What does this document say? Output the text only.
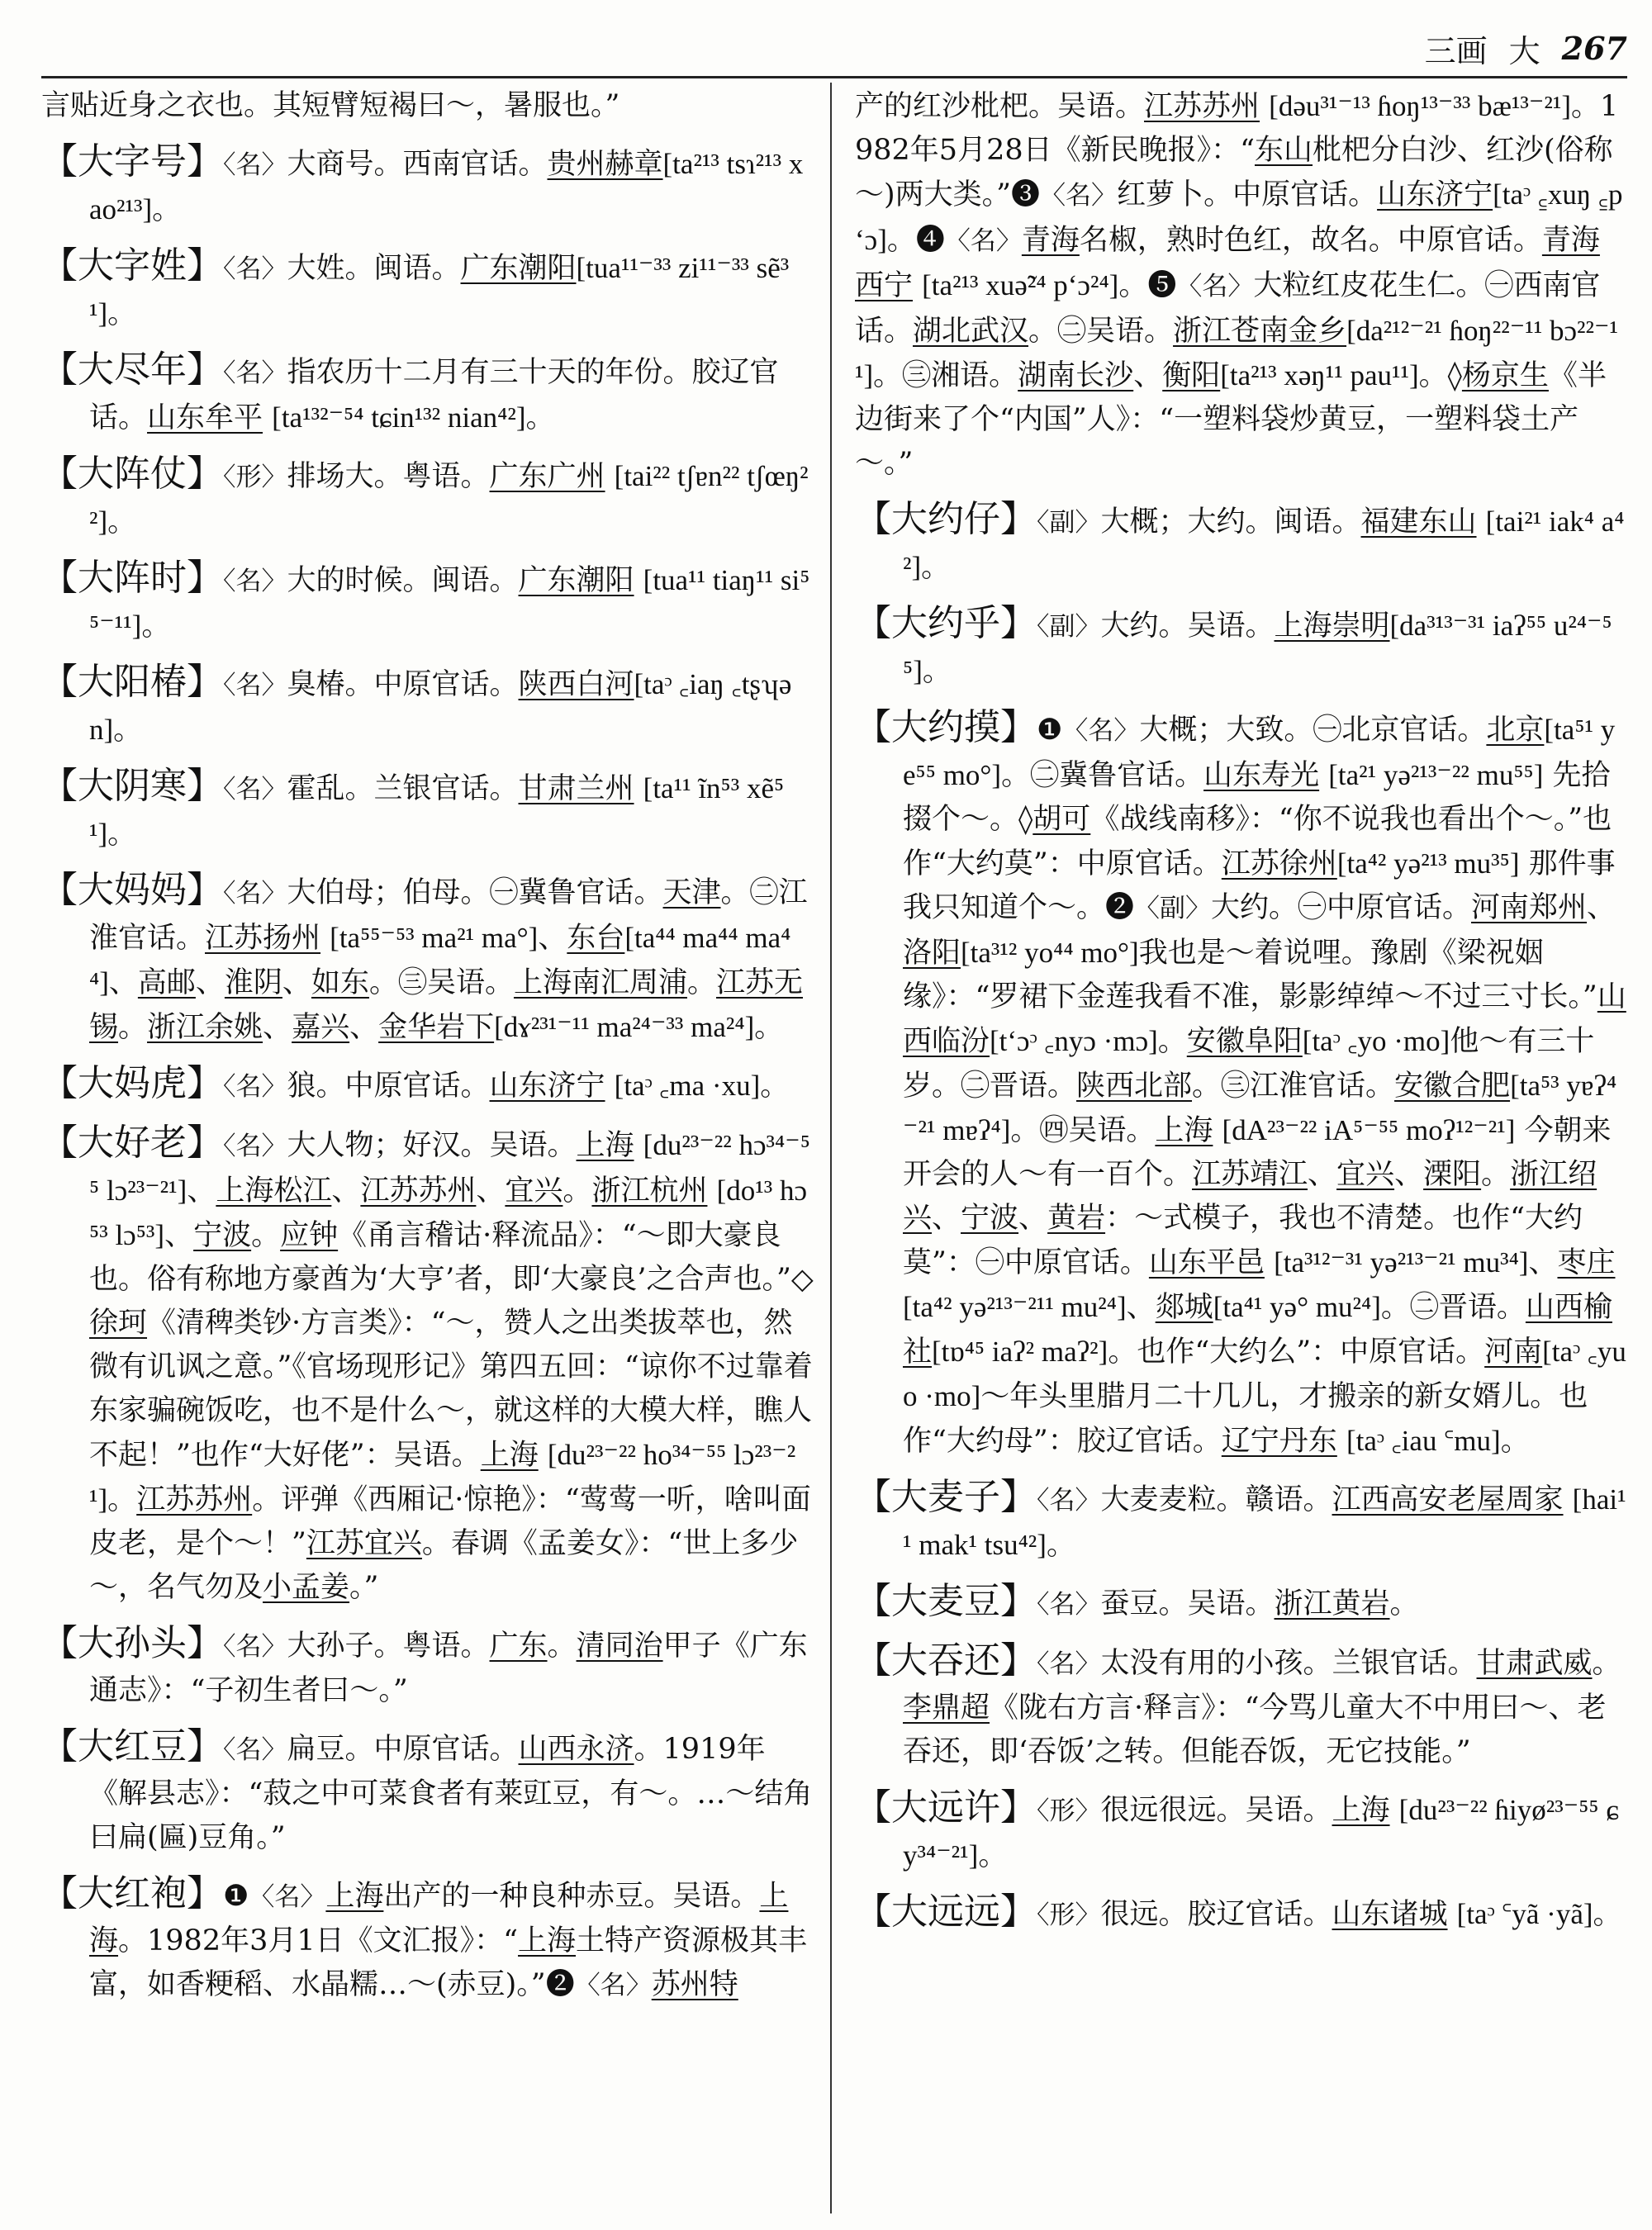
三画 大 267

言贴近身之衣也。其短臂短褐曰～，暑服也。”

【大字号】〈名〉大商号。西南官话。贵州赫章[ta²¹³ tsɿ²¹³ xao²¹³]。

【大字姓】〈名〉大姓。闽语。广东潮阳[tua¹¹⁻³³ zi¹¹⁻³³ sẽ³¹]。

【大尽年】〈名〉指农历十二月有三十天的年份。胶辽官话。山东牟平 [ta¹³²⁻⁵⁴ tɕin¹³² nian⁴²]。

【大阵仗】〈形〉排场大。粤语。广东广州 [tai²² tʃɐn²² tʃœŋ²²]。

【大阵时】〈名〉大的时候。闽语。广东潮阳 [tua¹¹ tiaŋ¹¹ si⁵⁵⁻¹¹]。

【大阳椿】〈名〉臭椿。中原官话。陕西白河[taᵓ ꜀iaŋ ꜀tʂʮən]。

【大阴寒】〈名〉霍乱。兰银官话。甘肃兰州 [ta¹¹ ĩn⁵³ xẽ⁵¹]。

【大妈妈】〈名〉大伯母；伯母。㊀冀鲁官话。天津。㊁江淮官话。江苏扬州 [ta⁵⁵⁻⁵³ ma²¹ ma°]、东台[ta⁴⁴ ma⁴⁴ ma⁴⁴]、高邮、淮阴、如东。㊂吴语。上海南汇周浦。江苏无锡。浙江余姚、嘉兴、金华岩下[dɤ²³¹⁻¹¹ ma²⁴⁻³³ ma²⁴]。

【大妈虎】〈名〉狼。中原官话。山东济宁 [taᵓ ꜀ma ·xu]。

【大好老】〈名〉大人物；好汉。吴语。上海 [du²³⁻²² hɔ³⁴⁻⁵⁵ lɔ²³⁻²¹]、上海松江、江苏苏州、宜兴。浙江杭州 [do¹³ hɔ⁵³ lɔ⁵³]、宁波。应钟《甬言稽诂·释流品》：“～即大豪良也。俗有称地方豪酋为‘大亨’者，即‘大豪良’之合声也。”◇徐珂《清稗类钞·方言类》：“～，赞人之出类拔萃也，然微有讥讽之意。”《官场现形记》第四五回：“谅你不过靠着东家骗碗饭吃，也不是什么～，就这样的大模大样，瞧人不起！”也作“大好佬”：吴语。上海 [du²³⁻²² ho³⁴⁻⁵⁵ lɔ²³⁻²¹]。江苏苏州。评弹《西厢记·惊艳》：“莺莺一听，啥叫面皮老，是个～！”江苏宜兴。春调《孟姜女》：“世上多少～，名气勿及小孟姜。”

【大孙头】〈名〉大孙子。粤语。广东。清同治甲子《广东通志》：“子初生者曰～。”

【大红豆】〈名〉扁豆。中原官话。山西永济。1919年《解县志》：“菽之中可菜食者有莱豇豆，有～。…～结角曰扁(匾)豆角。”

【大红袍】❶〈名〉上海出产的一种良种赤豆。吴语。上海。1982年3月1日《文汇报》：“上海土特产资源极其丰富，如香粳稻、水晶糯…～(赤豆)。”❷〈名〉苏州特

产的红沙枇杷。吴语。江苏苏州 [dəu³¹⁻¹³ ɦoŋ¹³⁻³³ bæ¹³⁻²¹]。1982年5月28日《新民晚报》：“东山枇杷分白沙、红沙(俗称～)两大类。”❸〈名〉红萝卜。中原官话。山东济宁[taᵓ ꜁xuŋ ꜁pʻɔ]。❹〈名〉青海名椒，熟时色红，故名。中原官话。青海西宁 [ta²¹³ xuə̃²⁴ pʻɔ²⁴]。❺〈名〉大粒红皮花生仁。㊀西南官话。湖北武汉。㊁吴语。浙江苍南金乡[da²¹²⁻²¹ ɦoŋ²²⁻¹¹ bɔ²²⁻¹¹]。㊂湘语。湖南长沙、衡阳[ta²¹³ xəŋ¹¹ pau¹¹]。◊杨京生《半边街来了个“内国”人》：“一塑料袋炒黄豆，一塑料袋土产～。”

【大约仔】〈副〉大概；大约。闽语。福建东山 [tai²¹ iak⁴ a⁴²]。

【大约乎】〈副〉大约。吴语。上海崇明[da³¹³⁻³¹ iaʔ⁵⁵ u²⁴⁻⁵⁵]。

【大约摸】❶〈名〉大概；大致。㊀北京官话。北京[ta⁵¹ ye⁵⁵ mo°]。㊁冀鲁官话。山东寿光 [ta²¹ yə²¹³⁻²² mu⁵⁵] 先拾掇个～。◊胡可《战线南移》：“你不说我也看出个～。”也作“大约莫”：中原官话。江苏徐州[ta⁴² yə²¹³ mu³⁵] 那件事我只知道个～。❷〈副〉大约。㊀中原官话。河南郑州、洛阳[ta³¹² yo⁴⁴ mo°]我也是～着说哩。豫剧《梁祝姻缘》：“罗裙下金莲我看不准，影影绰绰～不过三寸长。”山西临汾[tʻɔᵓ ꜀nyɔ ·mɔ]。安徽阜阳[taᵓ ꜀yo ·mo]他～有三十岁。㊁晋语。陕西北部。㊂江淮官话。安徽合肥[ta⁵³ yɐʔ⁴⁻²¹ mɐʔ⁴]。㊃吴语。上海 [dA²³⁻²² iA⁵⁻⁵⁵ moʔ¹²⁻²¹] 今朝来开会的人～有一百个。江苏靖江、宜兴、溧阳。浙江绍兴、宁波、黄岩：～式模子，我也不清楚。也作“大约莫”：㊀中原官话。山东平邑 [ta³¹²⁻³¹ yə²¹³⁻²¹ mu³⁴]、枣庄 [ta⁴² yə²¹³⁻²¹¹ mu²⁴]、郯城[ta⁴¹ yə° mu²⁴]。㊁晋语。山西榆社[tɒ⁴⁵ iaʔ² maʔ²]。也作“大约么”：中原官话。河南[taᵓ ꜀yuo ·mo]～年头里腊月二十几儿，才搬亲的新女婿儿。也作“大约母”：胶辽官话。辽宁丹东 [taᵓ ꜀iau ꜂mu]。

【大麦子】〈名〉大麦麦粒。赣语。江西高安老屋周家 [hai¹¹ mak¹ tsu⁴²]。

【大麦豆】〈名〉蚕豆。吴语。浙江黄岩。

【大吞还】〈名〉太没有用的小孩。兰银官话。甘肃武威。李鼎超《陇右方言·释言》：“今骂儿童大不中用曰～、老吞还，即‘吞饭’之转。但能吞饭，无它技能。”

【大远许】〈形〉很远很远。吴语。上海 [du²³⁻²² ɦiyø²³⁻⁵⁵ ɕy³⁴⁻²¹]。

【大远远】〈形〉很远。胶辽官话。山东诸城 [taᵓ ꜂yã ·yã]。
